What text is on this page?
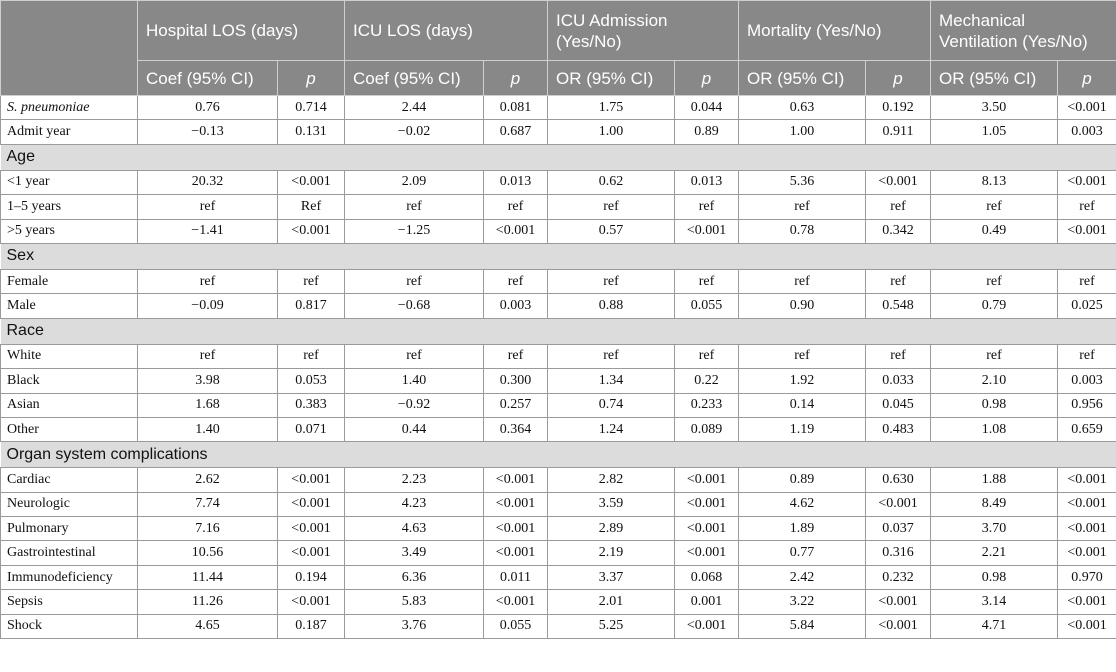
	Hospital LOS (days)		ICU LOS (days)		ICU Admission (Yes/No)		Mortality (Yes/No)		Mechanical Ventilation (Yes/No)	
	Coef (95% CI)	p	Coef (95% CI)	p	OR (95% CI)	p	OR (95% CI)	p	OR (95% CI)	p
S. pneumoniae	0.76	0.714	2.44	0.081	1.75	0.044	0.63	0.192	3.50	<0.001
Admit year	−0.13	0.131	−0.02	0.687	1.00	0.89	1.00	0.911	1.05	0.003
Age										
<1 year	20.32	<0.001	2.09	0.013	0.62	0.013	5.36	<0.001	8.13	<0.001
1–5 years	ref	Ref	ref	ref	ref	ref	ref	ref	ref	ref
>5 years	−1.41	<0.001	−1.25	<0.001	0.57	<0.001	0.78	0.342	0.49	<0.001
Sex										
Female	ref	ref	ref	ref	ref	ref	ref	ref	ref	ref
Male	−0.09	0.817	−0.68	0.003	0.88	0.055	0.90	0.548	0.79	0.025
Race										
White	ref	ref	ref	ref	ref	ref	ref	ref	ref	ref
Black	3.98	0.053	1.40	0.300	1.34	0.22	1.92	0.033	2.10	0.003
Asian	1.68	0.383	−0.92	0.257	0.74	0.233	0.14	0.045	0.98	0.956
Other	1.40	0.071	0.44	0.364	1.24	0.089	1.19	0.483	1.08	0.659
Organ system complications										
Cardiac	2.62	<0.001	2.23	<0.001	2.82	<0.001	0.89	0.630	1.88	<0.001
Neurologic	7.74	<0.001	4.23	<0.001	3.59	<0.001	4.62	<0.001	8.49	<0.001
Pulmonary	7.16	<0.001	4.63	<0.001	2.89	<0.001	1.89	0.037	3.70	<0.001
Gastrointestinal	10.56	<0.001	3.49	<0.001	2.19	<0.001	0.77	0.316	2.21	<0.001
Immunodeficiency	11.44	0.194	6.36	0.011	3.37	0.068	2.42	0.232	0.98	0.970
Sepsis	11.26	<0.001	5.83	<0.001	2.01	0.001	3.22	<0.001	3.14	<0.001
Shock	4.65	0.187	3.76	0.055	5.25	<0.001	5.84	<0.001	4.71	<0.001
